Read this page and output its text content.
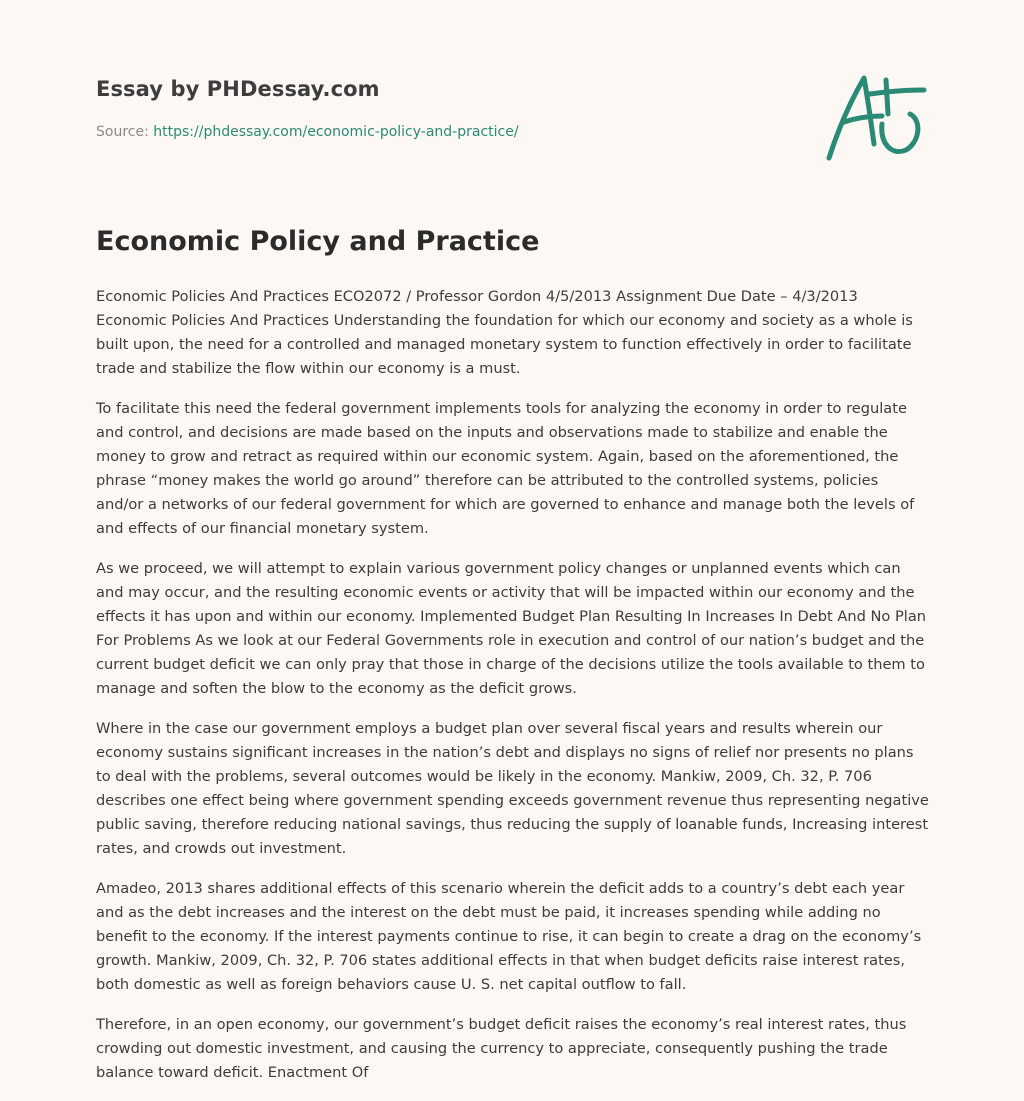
Essay by PHDessay.com
Source: https://phdessay.com/economic-policy-and-practice/
Economic Policy and Practice

Economic Policies And Practices ECO2072 / Professor Gordon 4/5/2013 Assignment Due Date – 4/3/2013 Economic Policies And Practices Understanding the foundation for which our economy and society as a whole is built upon, the need for a controlled and managed monetary system to function effectively in order to facilitate trade and stabilize the flow within our economy is a must.

To facilitate this need the federal government implements tools for analyzing the economy in order to regulate and control, and decisions are made based on the inputs and observations made to stabilize and enable the money to grow and retract as required within our economic system. Again, based on the aforementioned, the phrase “money makes the world go around” therefore can be attributed to the controlled systems, policies and/or a networks of our federal government for which are governed to enhance and manage both the levels of and effects of our financial monetary system.

As we proceed, we will attempt to explain various government policy changes or unplanned events which can and may occur, and the resulting economic events or activity that will be impacted within our economy and the effects it has upon and within our economy. Implemented Budget Plan Resulting In Increases In Debt And No Plan For Problems As we look at our Federal Governments role in execution and control of our nation’s budget and the current budget deficit we can only pray that those in charge of the decisions utilize the tools available to them to manage and soften the blow to the economy as the deficit grows.

Where in the case our government employs a budget plan over several fiscal years and results wherein our economy sustains significant increases in the nation’s debt and displays no signs of relief nor presents no plans to deal with the problems, several outcomes would be likely in the economy. Mankiw, 2009, Ch. 32, P. 706 describes one effect being where government spending exceeds government revenue thus representing negative public saving, therefore reducing national savings, thus reducing the supply of loanable funds, Increasing interest rates, and crowds out investment.

Amadeo, 2013 shares additional effects of this scenario wherein the deficit adds to a country’s debt each year and as the debt increases and the interest on the debt must be paid, it increases spending while adding no benefit to the economy. If the interest payments continue to rise, it can begin to create a drag on the economy’s growth. Mankiw, 2009, Ch. 32, P. 706 states additional effects in that when budget deficits raise interest rates, both domestic as well as foreign behaviors cause U. S. net capital outflow to fall.

Therefore, in an open economy, our government’s budget deficit raises the economy’s real interest rates, thus crowding out domestic investment, and causing the currency to appreciate, consequently pushing the trade balance toward deficit. Enactment Of
